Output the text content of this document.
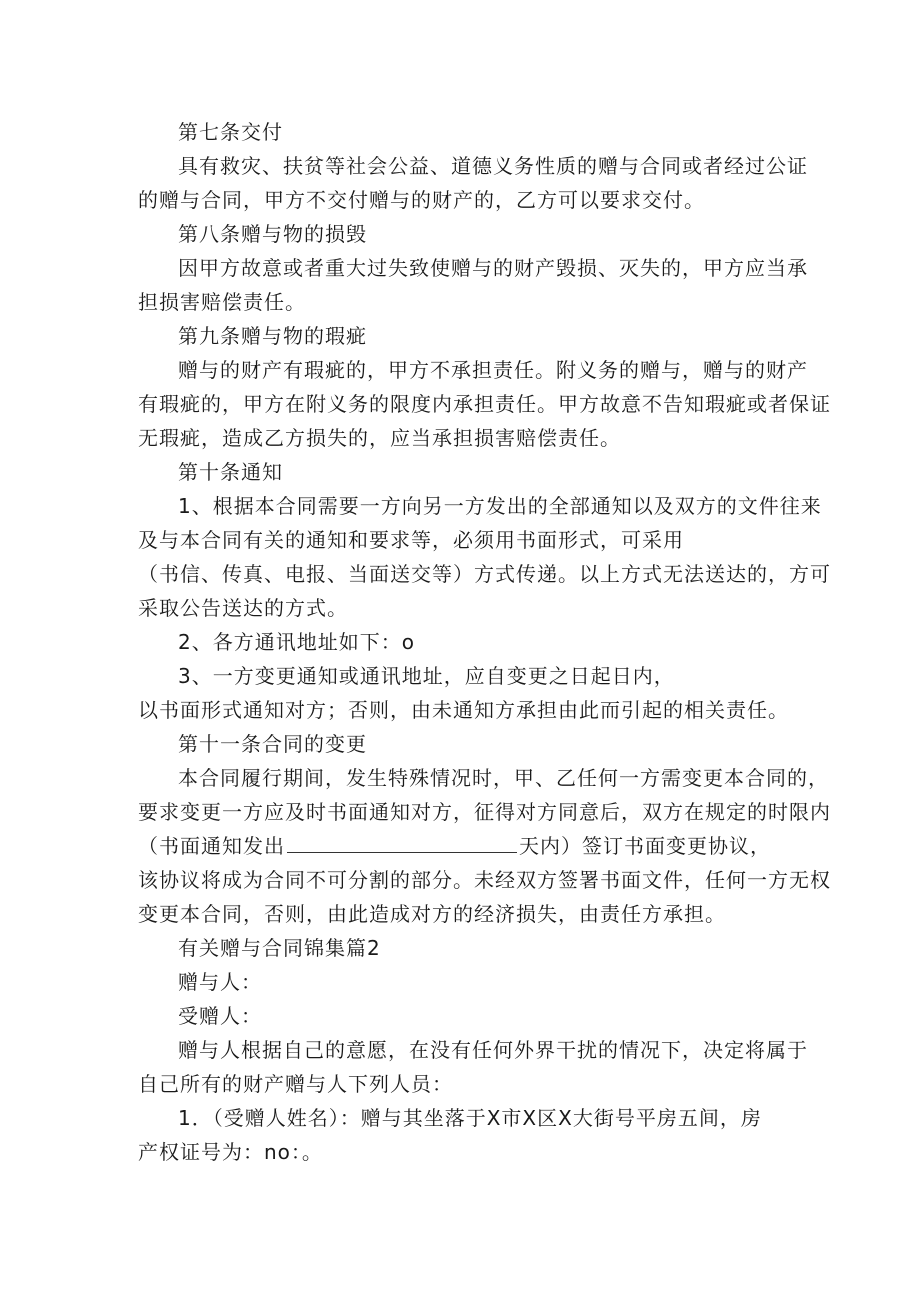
第七条交付

具有救灾、扶贫等社会公益、道德义务性质的赠与合同或者经过公证

的赠与合同，甲方不交付赠与的财产的，乙方可以要求交付。

第八条赠与物的损毁

因甲方故意或者重大过失致使赠与的财产毁损、灭失的，甲方应当承

担损害赔偿责任。

第九条赠与物的瑕疵

赠与的财产有瑕疵的，甲方不承担责任。附义务的赠与，赠与的财产

有瑕疵的，甲方在附义务的限度内承担责任。甲方故意不告知瑕疵或者保证

无瑕疵，造成乙方损失的，应当承担损害赔偿责任。

第十条通知

1、根据本合同需要一方向另一方发出的全部通知以及双方的文件往来

及与本合同有关的通知和要求等，必须用书面形式，可采用

（书信、传真、电报、当面送交等）方式传递。以上方式无法送达的，方可

采取公告送达的方式。

2、各方通讯地址如下：o

3、一方变更通知或通讯地址，应自变更之日起日内，

以书面形式通知对方；否则，由未通知方承担由此而引起的相关责任。

第十一条合同的变更

本合同履行期间，发生特殊情况时，甲、乙任何一方需变更本合同的，

要求变更一方应及时书面通知对方，征得对方同意后，双方在规定的时限内

（书面通知发出	天内）签订书面变更协议，

该协议将成为合同不可分割的部分。未经双方签署书面文件，任何一方无权

变更本合同，否则，由此造成对方的经济损失，由责任方承担。

有关赠与合同锦集篇2

赠与人：

受赠人：

赠与人根据自己的意愿，在没有任何外界干扰的情况下，决定将属于

自己所有的财产赠与人下列人员：

1．（受赠人姓名）：赠与其坐落于X市X区X大街号平房五间，房

产权证号为：no：。
